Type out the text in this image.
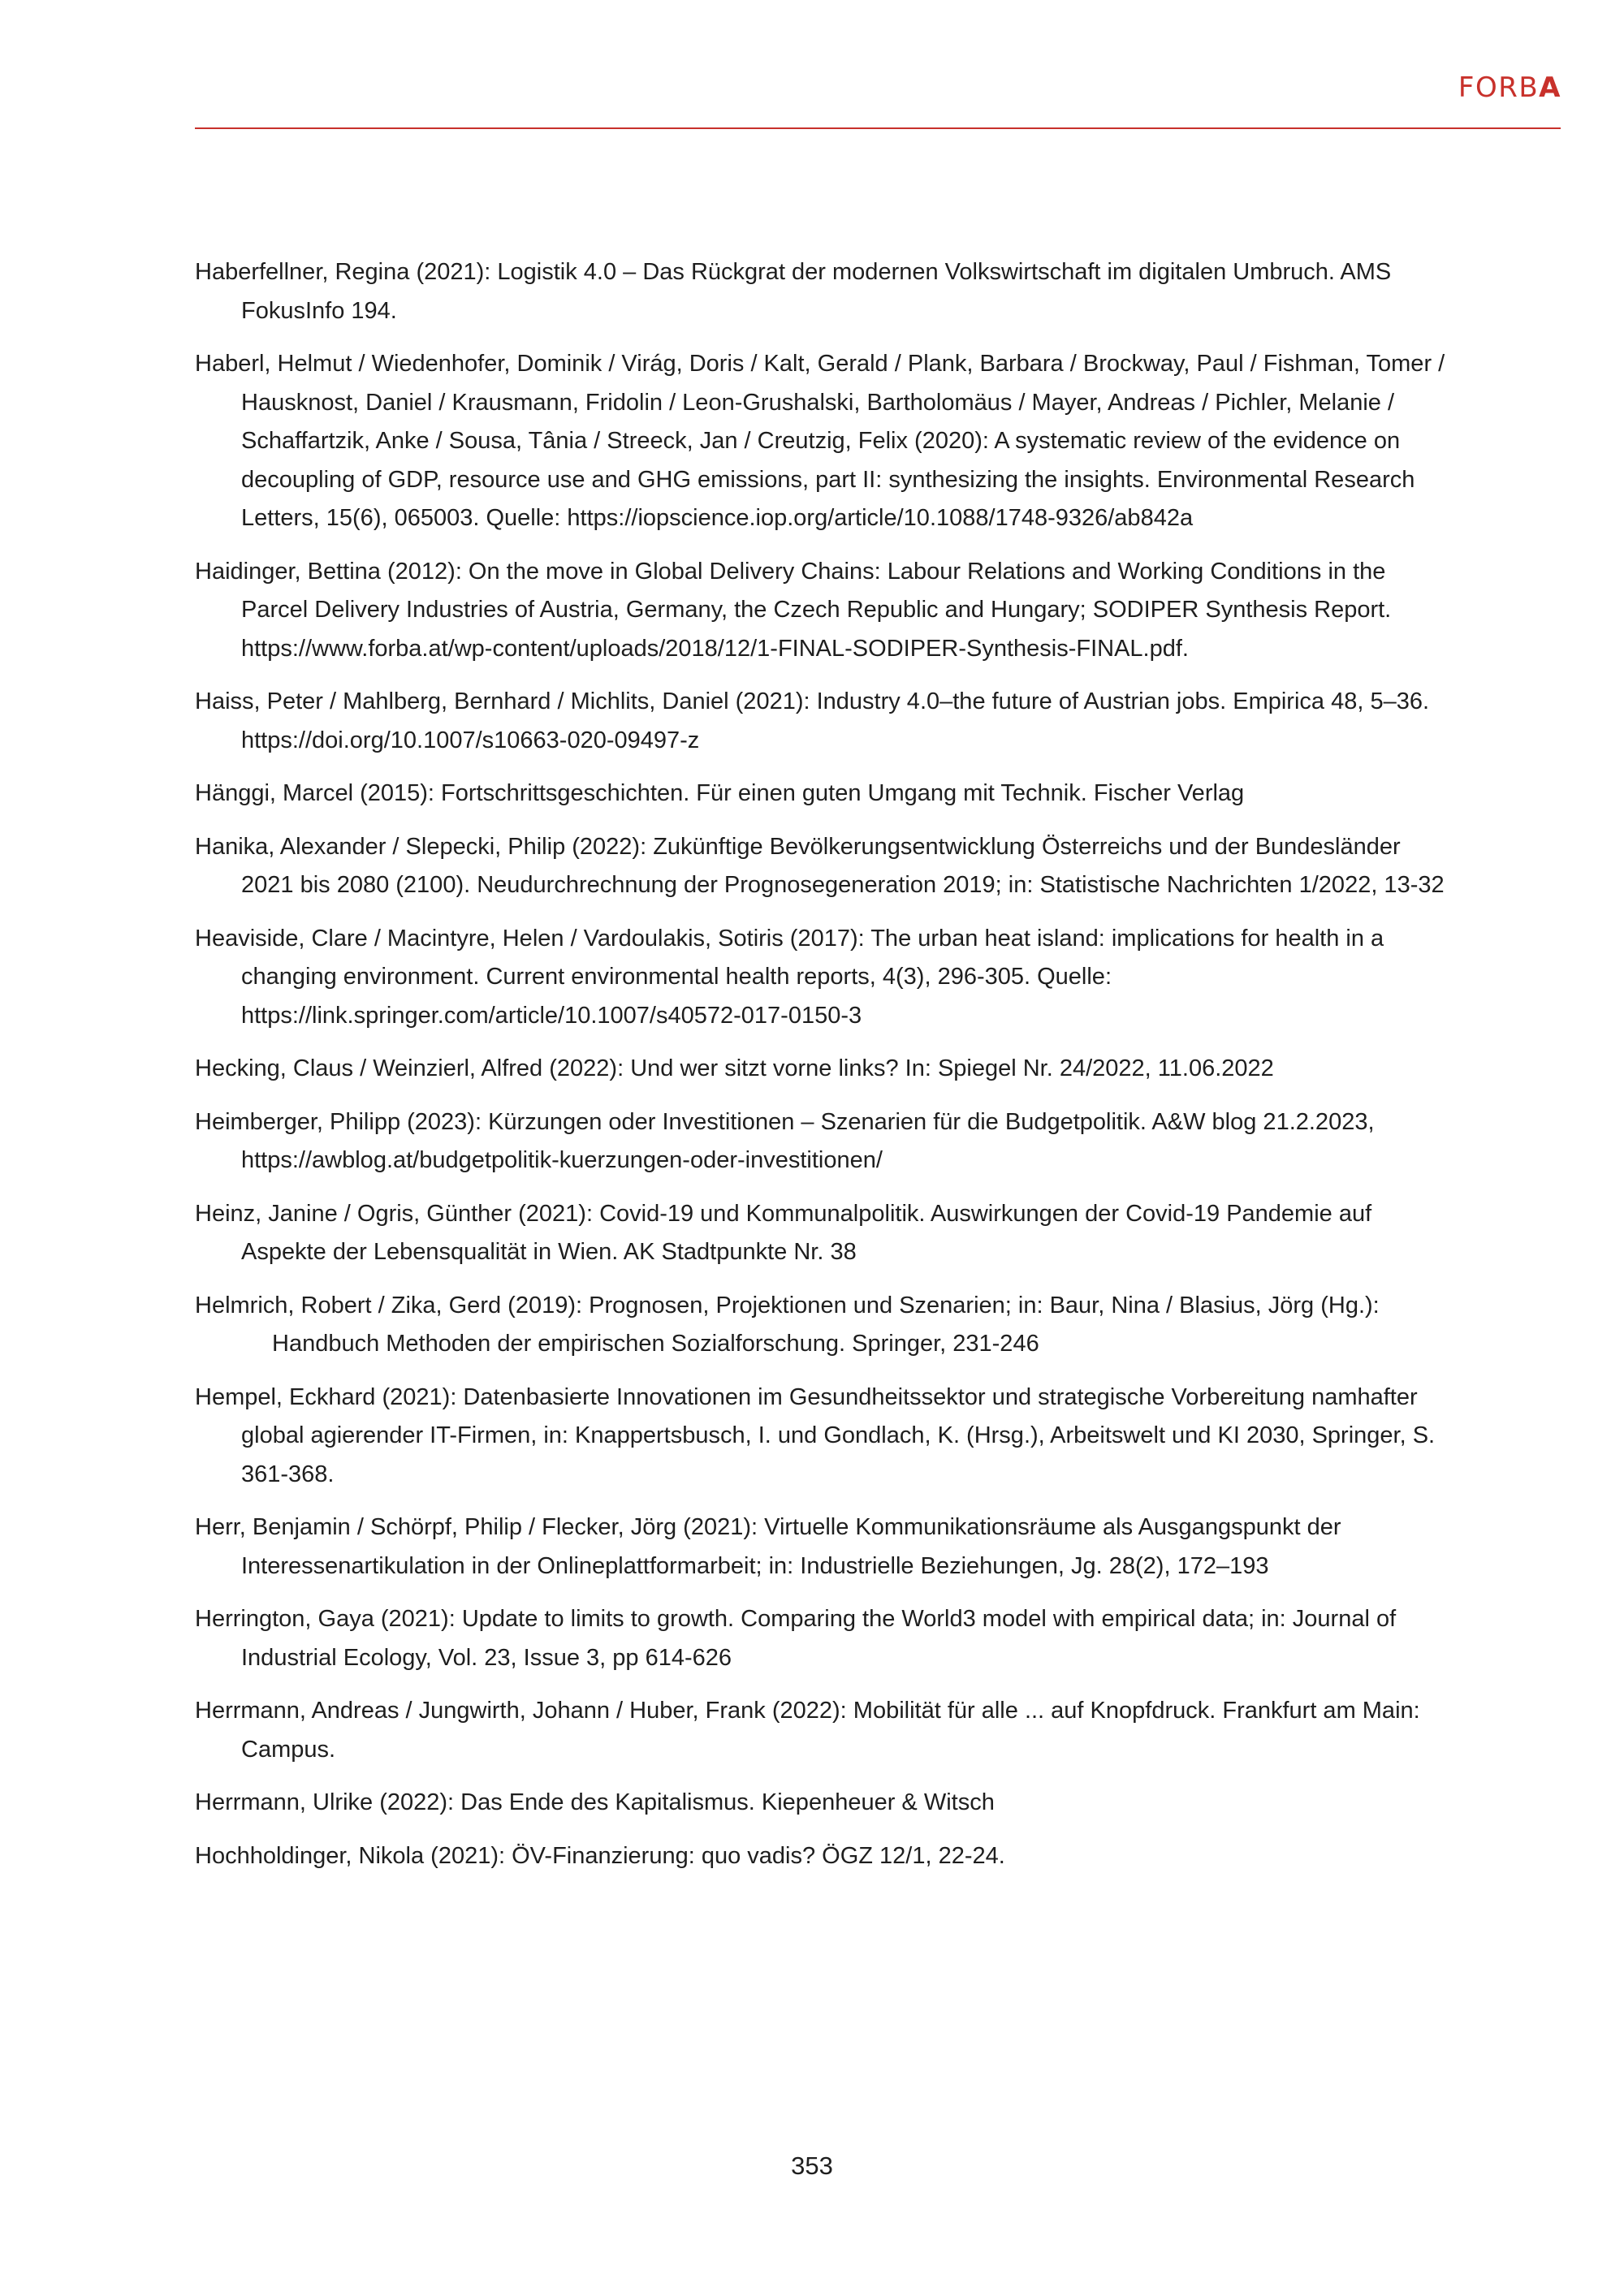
FORBA

Haberfellner, Regina (2021): Logistik 4.0 – Das Rückgrat der modernen Volkswirtschaft im digitalen Umbruch. AMS FokusInfo 194.

Haberl, Helmut / Wiedenhofer, Dominik / Virág, Doris / Kalt, Gerald / Plank, Barbara / Brockway, Paul / Fishman, Tomer / Hausknost, Daniel / Krausmann, Fridolin / Leon-Grushalski, Bartholomäus / Mayer, Andreas / Pichler, Melanie / Schaffartzik, Anke / Sousa, Tânia / Streeck, Jan / Creutzig, Felix (2020): A systematic review of the evidence on decoupling of GDP, resource use and GHG emissions, part II: synthesizing the insights. Environmental Research Letters, 15(6), 065003. Quelle: https://iopscience.iop.org/article/10.1088/1748-9326/ab842a

Haidinger, Bettina (2012): On the move in Global Delivery Chains: Labour Relations and Working Conditions in the Parcel Delivery Industries of Austria, Germany, the Czech Republic and Hungary; SODIPER Synthesis Report. https://www.forba.at/wp-content/uploads/2018/12/1-FINAL-SODIPER-Synthesis-FINAL.pdf.

Haiss, Peter / Mahlberg, Bernhard / Michlits, Daniel (2021): Industry 4.0–the future of Austrian jobs. Empirica 48, 5–36. https://doi.org/10.1007/s10663-020-09497-z

Hänggi, Marcel (2015): Fortschrittsgeschichten. Für einen guten Umgang mit Technik. Fischer Verlag

Hanika, Alexander / Slepecki, Philip (2022): Zukünftige Bevölkerungsentwicklung Österreichs und der Bundesländer 2021 bis 2080 (2100). Neudurchrechnung der Prognosegeneration 2019; in: Statistische Nachrichten 1/2022, 13-32

Heaviside, Clare / Macintyre, Helen / Vardoulakis, Sotiris (2017): The urban heat island: implications for health in a changing environment. Current environmental health reports, 4(3), 296-305. Quelle: https://link.springer.com/article/10.1007/s40572-017-0150-3

Hecking, Claus / Weinzierl, Alfred (2022): Und wer sitzt vorne links? In: Spiegel Nr. 24/2022, 11.06.2022

Heimberger, Philipp (2023): Kürzungen oder Investitionen – Szenarien für die Budgetpolitik. A&W blog 21.2.2023, https://awblog.at/budgetpolitik-kuerzungen-oder-investitionen/

Heinz, Janine / Ogris, Günther (2021): Covid-19 und Kommunalpolitik. Auswirkungen der Covid-19 Pandemie auf Aspekte der Lebensqualität in Wien. AK Stadtpunkte Nr. 38

Helmrich, Robert / Zika, Gerd (2019): Prognosen, Projektionen und Szenarien; in: Baur, Nina / Blasius, Jörg (Hg.): Handbuch Methoden der empirischen Sozialforschung. Springer, 231-246

Hempel, Eckhard (2021): Datenbasierte Innovationen im Gesundheitssektor und strategische Vorbereitung namhafter global agierender IT-Firmen, in: Knappertsbusch, I. und Gondlach, K. (Hrsg.), Arbeitswelt und KI 2030, Springer, S. 361-368.

Herr, Benjamin / Schörpf, Philip / Flecker, Jörg (2021): Virtuelle Kommunikationsräume als Ausgangspunkt der Interessenartikulation in der Onlineplattformarbeit; in: Industrielle Beziehungen, Jg. 28(2), 172–193

Herrington, Gaya (2021): Update to limits to growth. Comparing the World3 model with empirical data; in: Journal of Industrial Ecology, Vol. 23, Issue 3, pp 614-626

Herrmann, Andreas / Jungwirth, Johann / Huber, Frank (2022): Mobilität für alle ... auf Knopfdruck. Frankfurt am Main: Campus.

Herrmann, Ulrike (2022): Das Ende des Kapitalismus. Kiepenheuer & Witsch

Hochholdinger, Nikola (2021): ÖV-Finanzierung: quo vadis? ÖGZ 12/1, 22-24.

353
